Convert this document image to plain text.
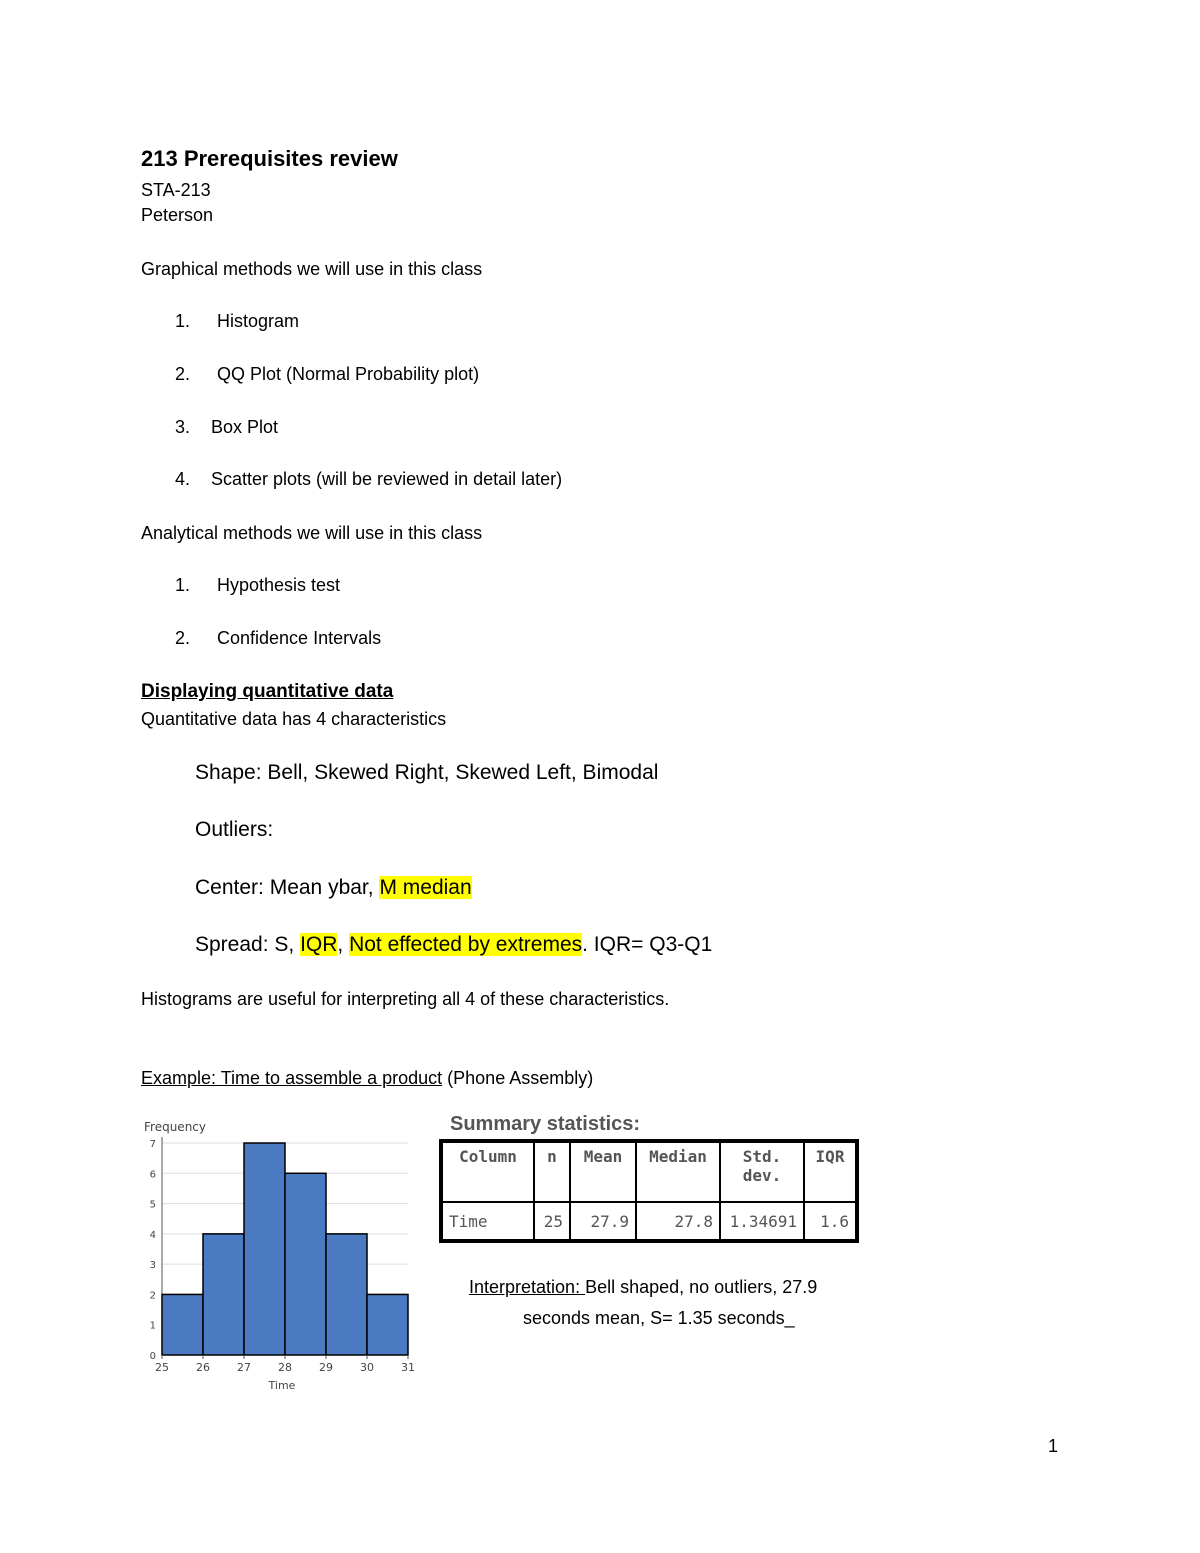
213 Prerequisites review
STA-213
Peterson
Graphical methods we will use in this class
1. Histogram
2. QQ Plot (Normal Probability plot)
3. Box Plot
4. Scatter plots (will be reviewed in detail later)
Analytical methods we will use in this class
1. Hypothesis test
2. Confidence Intervals
Displaying quantitative data
Quantitative data has 4 characteristics
Shape: Bell, Skewed Right, Skewed Left, Bimodal
Outliers:
Center: Mean ybar, M median
Spread: S, IQR, Not effected by extremes. IQR= Q3-Q1
Histograms are useful for interpreting all 4 of these characteristics.
Example: Time to assemble a product (Phone Assembly)
Frequency
Time
0
1
2
3
4
5
6
7
25 26 27 28 29 30 31
Summary statistics:
Column	n	Mean	Median	Std. dev.	IQR
Time	25	27.9	27.8	1.34691	1.6
Interpretation: Bell shaped, no outliers, 27.9
seconds mean, S= 1.35 seconds_
1
